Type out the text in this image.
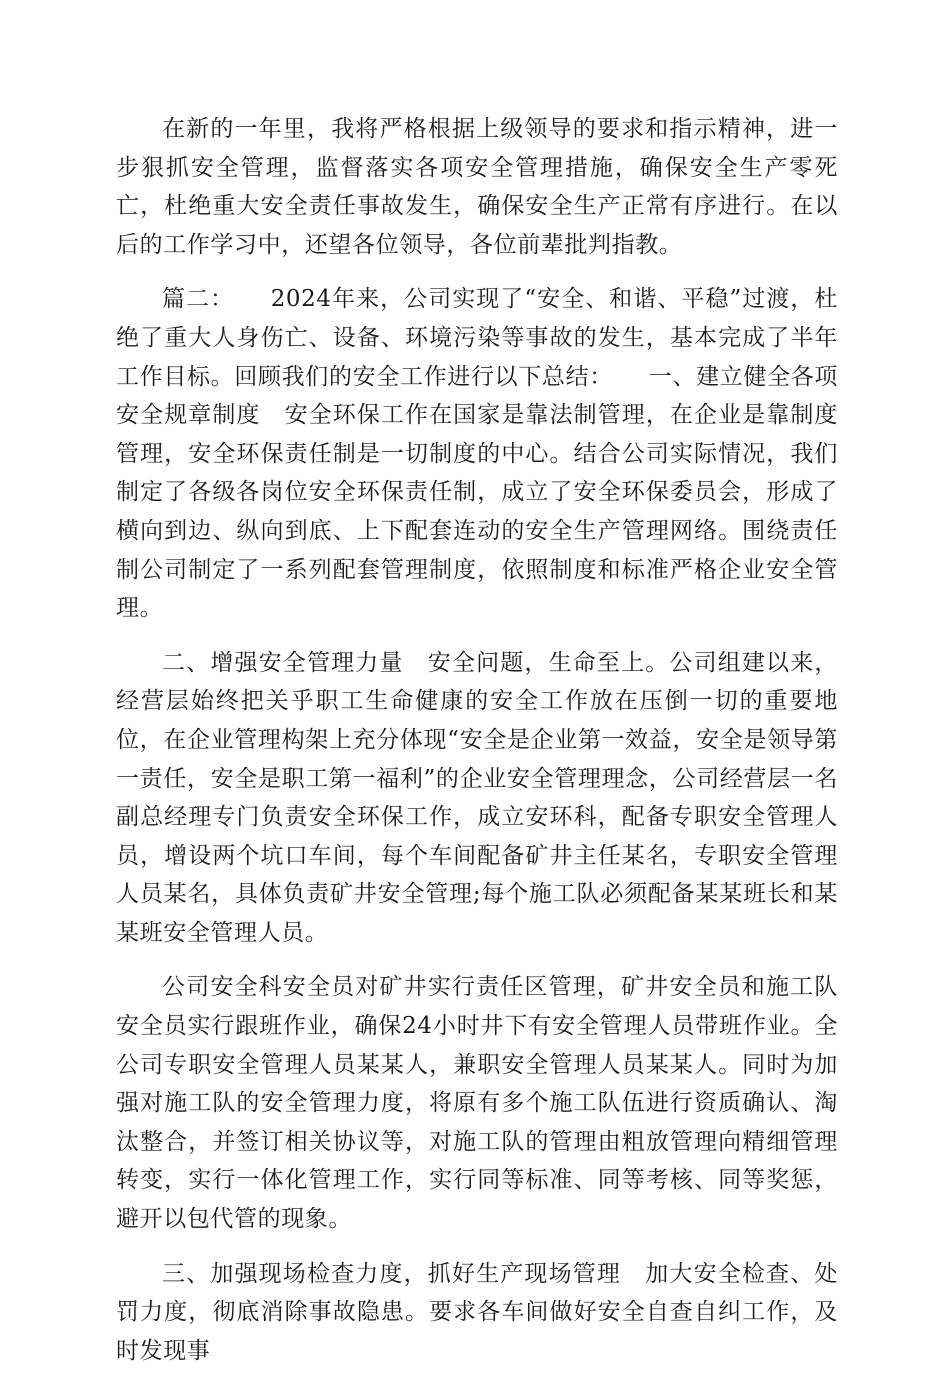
在新的一年里，我将严格根据上级领导的要求和指示精神，进一步狠抓安全管理，监督落实各项安全管理措施，确保安全生产零死亡，杜绝重大安全责任事故发生，确保安全生产正常有序进行。在以后的工作学习中，还望各位领导，各位前辈批判指教。

篇二：　　2024年来，公司实现了“安全、和谐、平稳”过渡，杜绝了重大人身伤亡、设备、环境污染等事故的发生，基本完成了半年工作目标。回顾我们的安全工作进行以下总结：　　一、建立健全各项安全规章制度　安全环保工作在国家是靠法制管理，在企业是靠制度管理，安全环保责任制是一切制度的中心。结合公司实际情况，我们制定了各级各岗位安全环保责任制，成立了安全环保委员会，形成了横向到边、纵向到底、上下配套连动的安全生产管理网络。围绕责任制公司制定了一系列配套管理制度，依照制度和标准严格企业安全管理。

二、增强安全管理力量　安全问题，生命至上。公司组建以来，经营层始终把关乎职工生命健康的安全工作放在压倒一切的重要地位，在企业管理构架上充分体现“安全是企业第一效益，安全是领导第一责任，安全是职工第一福利”的企业安全管理理念，公司经营层一名副总经理专门负责安全环保工作，成立安环科，配备专职安全管理人员，增设两个坑口车间，每个车间配备矿井主任某名，专职安全管理人员某名，具体负责矿井安全管理;每个施工队必须配备某某班长和某某班安全管理人员。

公司安全科安全员对矿井实行责任区管理，矿井安全员和施工队安全员实行跟班作业，确保24小时井下有安全管理人员带班作业。全公司专职安全管理人员某某人，兼职安全管理人员某某人。同时为加强对施工队的安全管理力度，将原有多个施工队伍进行资质确认、淘汰整合，并签订相关协议等，对施工队的管理由粗放管理向精细管理转变，实行一体化管理工作，实行同等标准、同等考核、同等奖惩，避开以包代管的现象。

三、加强现场检查力度，抓好生产现场管理　加大安全检查、处罚力度，彻底消除事故隐患。要求各车间做好安全自查自纠工作，及时发现事
